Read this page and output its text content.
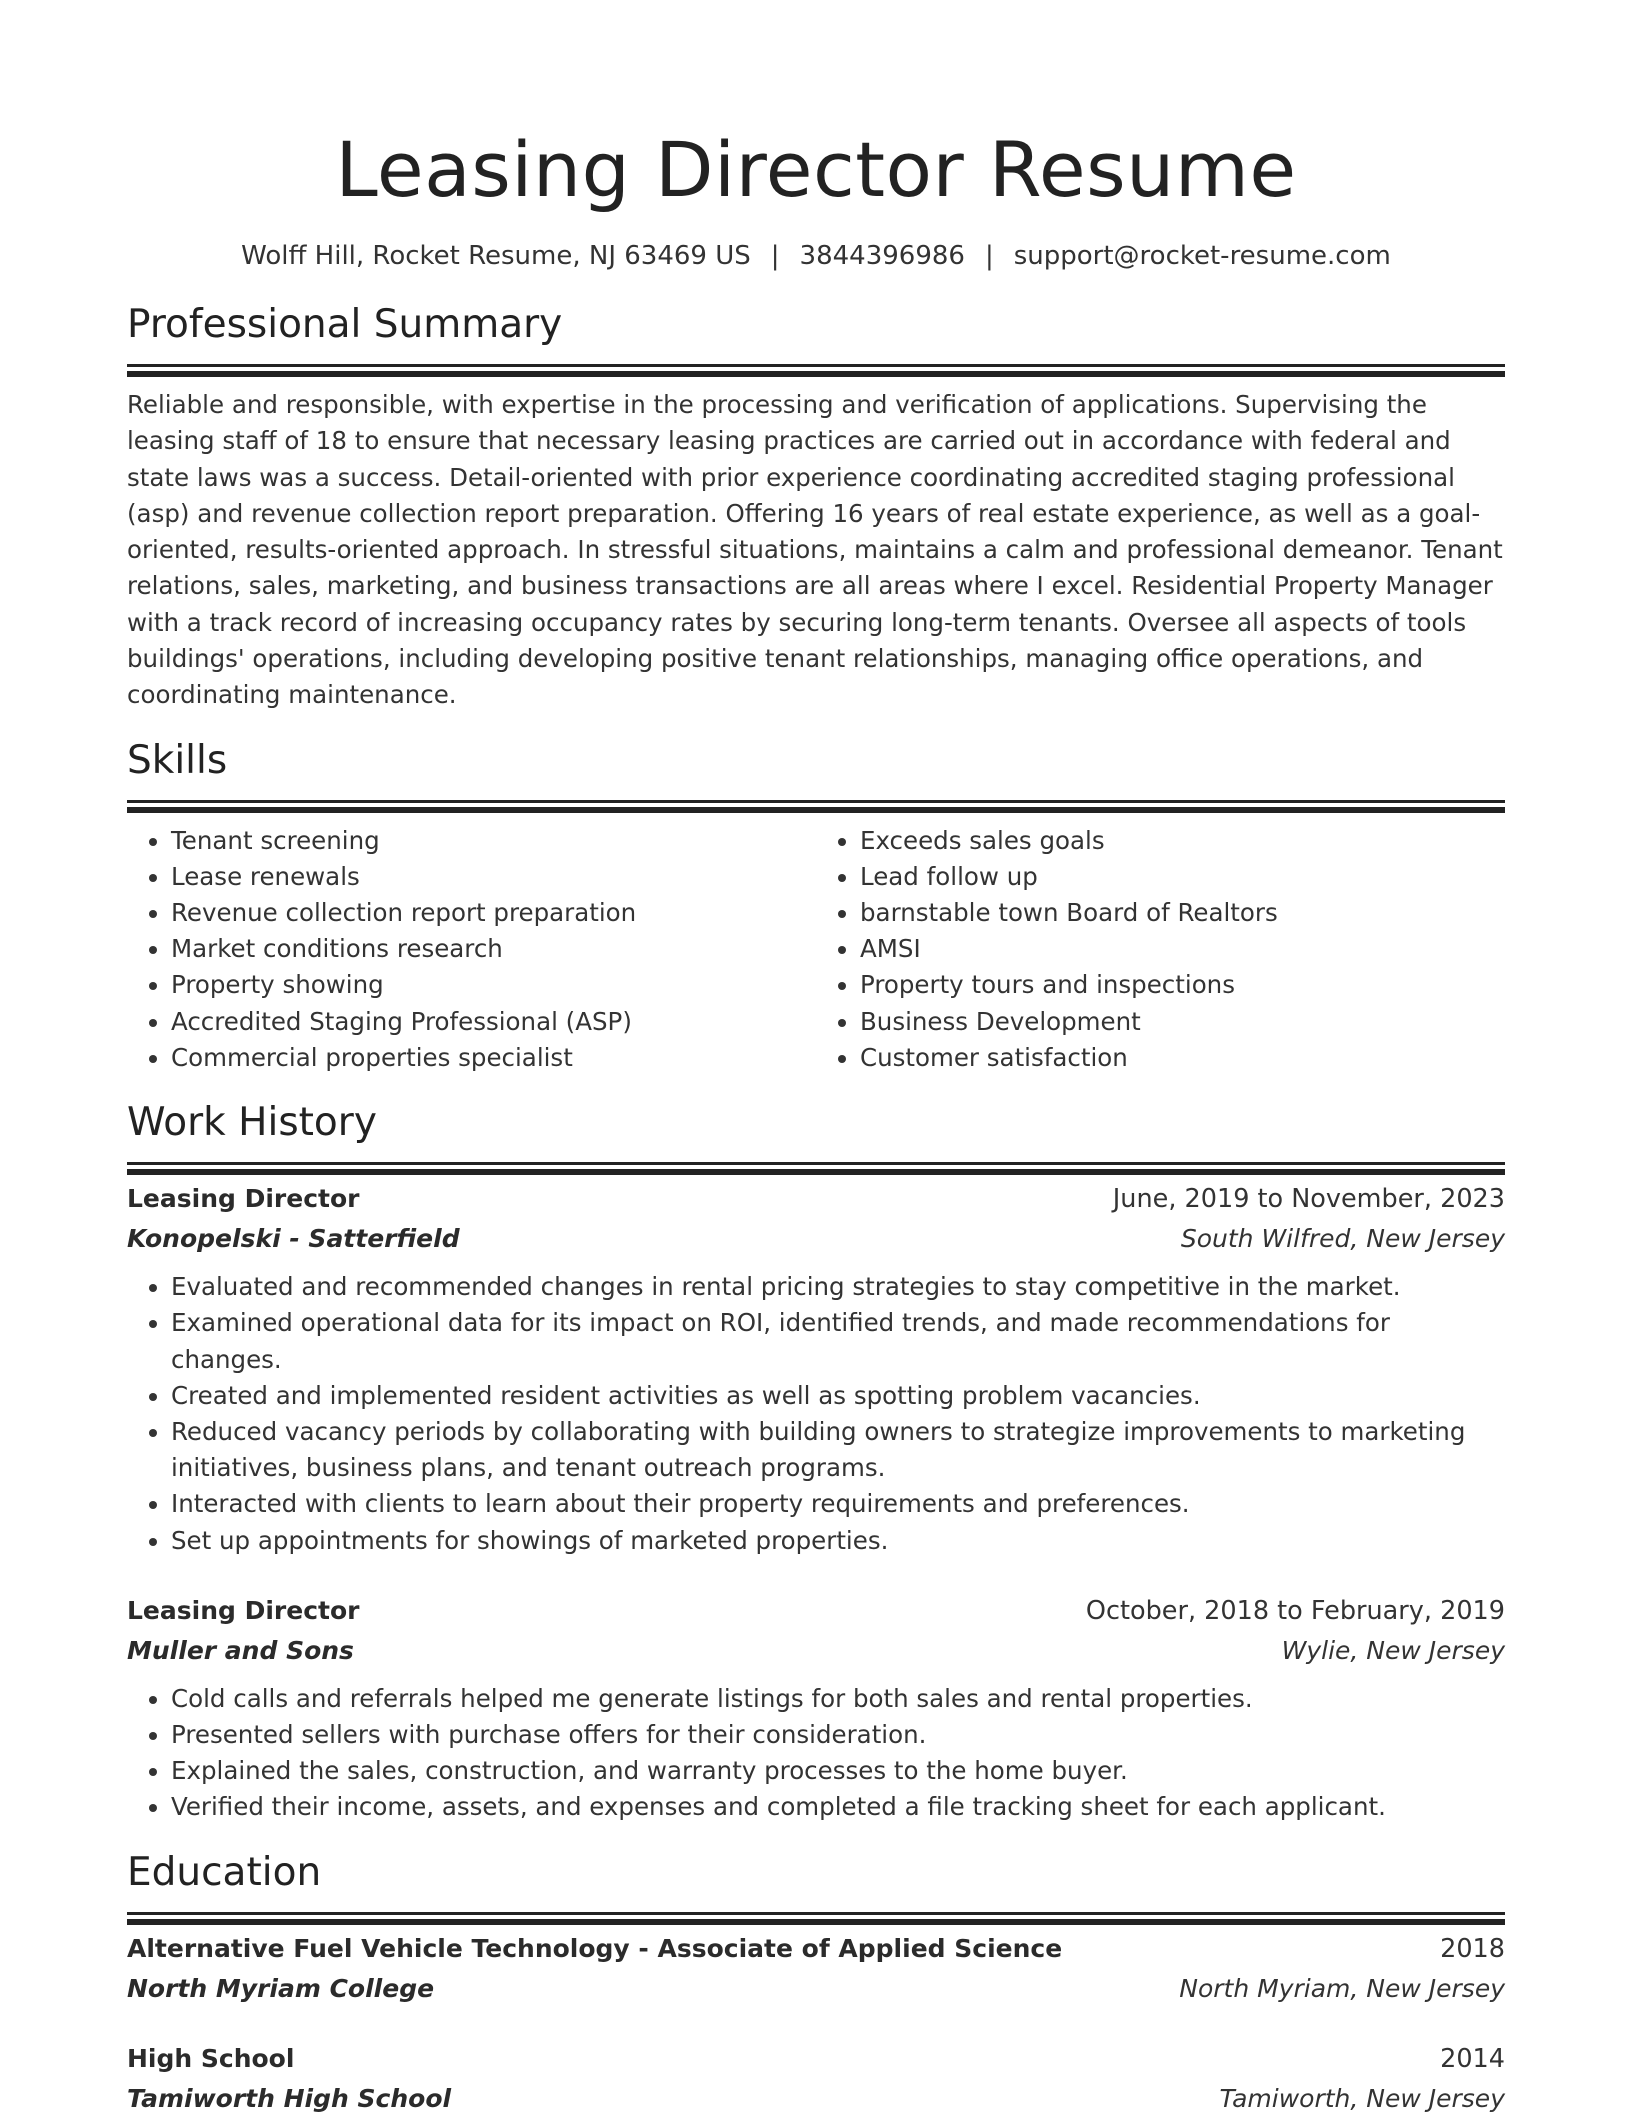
Leasing Director Resume
Wolff Hill, Rocket Resume, NJ 63469 US | 3844396986 | support@rocket-resume.com
Professional Summary

Reliable and responsible, with expertise in the processing and verification of applications. Supervising the leasing staff of 18 to ensure that necessary leasing practices are carried out in accordance with federal and state laws was a success. Detail-oriented with prior experience coordinating accredited staging professional (asp) and revenue collection report preparation. Offering 16 years of real estate experience, as well as a goal-oriented, results-oriented approach. In stressful situations, maintains a calm and professional demeanor. Tenant relations, sales, marketing, and business transactions are all areas where I excel. Residential Property Manager with a track record of increasing occupancy rates by securing long-term tenants. Oversee all aspects of tools buildings' operations, including developing positive tenant relationships, managing office operations, and coordinating maintenance.

Skills
• Tenant screening
• Lease renewals
• Revenue collection report preparation
• Market conditions research
• Property showing
• Accredited Staging Professional (ASP)
• Commercial properties specialist
• Exceeds sales goals
• Lead follow up
• barnstable town Board of Realtors
• AMSI
• Property tours and inspections
• Business Development
• Customer satisfaction
Work History
Leasing Director	June, 2019 to November, 2023
Konopelski - Satterfield	South Wilfred, New Jersey
• Evaluated and recommended changes in rental pricing strategies to stay competitive in the market.
• Examined operational data for its impact on ROI, identified trends, and made recommendations for changes.
• Created and implemented resident activities as well as spotting problem vacancies.
• Reduced vacancy periods by collaborating with building owners to strategize improvements to marketing initiatives, business plans, and tenant outreach programs.
• Interacted with clients to learn about their property requirements and preferences.
• Set up appointments for showings of marketed properties.
Leasing Director	October, 2018 to February, 2019
Muller and Sons	Wylie, New Jersey
• Cold calls and referrals helped me generate listings for both sales and rental properties.
• Presented sellers with purchase offers for their consideration.
• Explained the sales, construction, and warranty processes to the home buyer.
• Verified their income, assets, and expenses and completed a file tracking sheet for each applicant.
Education
Alternative Fuel Vehicle Technology - Associate of Applied Science	2018
North Myriam College	North Myriam, New Jersey
High School	2014
Tamiworth High School	Tamiworth, New Jersey
